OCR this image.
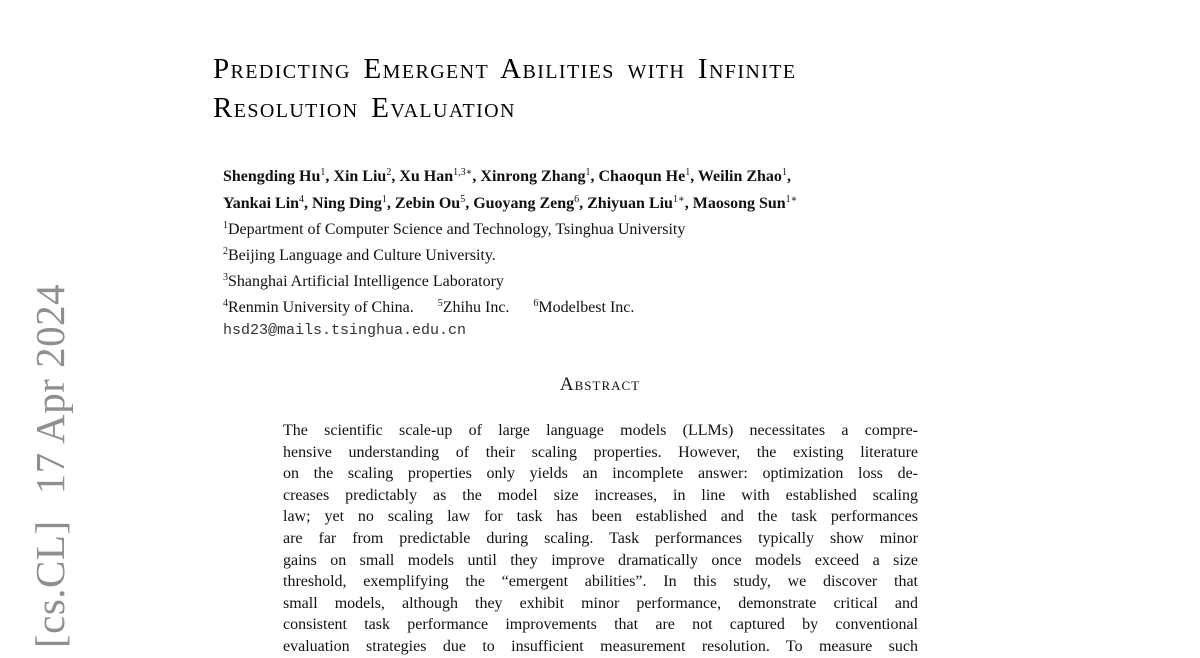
[cs.CL]17 Apr 2024
Predicting Emergent Abilities with Infinite
Resolution Evaluation
Shengding Hu$^1$, Xin Liu$^2$, Xu Han$^{1,3∗}$, Xinrong Zhang$^1$, Chaoqun He$^1$, Weilin Zhao$^1$,
Yankai Lin$^4$, Ning Ding$^1$, Zebin Ou$^5$, Guoyang Zeng$^6$, Zhiyuan Liu$^{1∗}$, Maosong Sun$^{1∗}$
$^1$Department of Computer Science and Technology, Tsinghua University
$^2$Beijing Language and Culture University.
$^3$Shanghai Artificial Intelligence Laboratory
$^4$Renmin University of China. $^5$Zhihu Inc. $^6$Modelbest Inc.
hsd23@mails.tsinghua.edu.cn
Abstract
The scientific scale-up of large language models (LLMs) necessitates a compre-
hensive understanding of their scaling properties. However, the existing literature
on the scaling properties only yields an incomplete answer: optimization loss de-
creases predictably as the model size increases, in line with established scaling
law; yet no scaling law for task has been established and the task performances
are far from predictable during scaling. Task performances typically show minor
gains on small models until they improve dramatically once models exceed a size
threshold, exemplifying the “emergent abilities”. In this study, we discover that
small models, although they exhibit minor performance, demonstrate critical and
consistent task performance improvements that are not captured by conventional
evaluation strategies due to insufficient measurement resolution. To measure such
